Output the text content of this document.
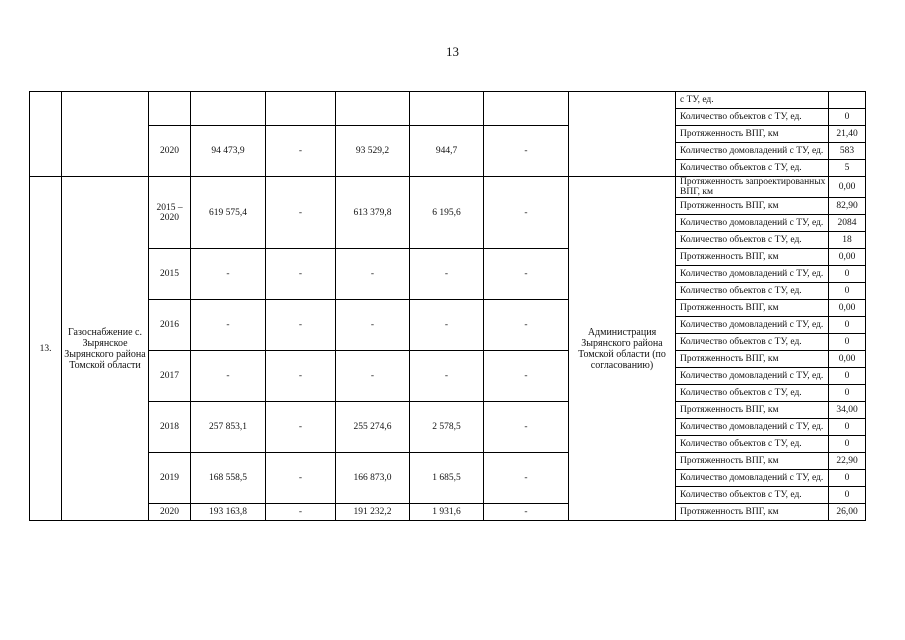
13
									с ТУ, ед.	
									Количество объектов с ТУ, ед.	0
		2020	94 473,9	-	93 529,2	944,7	-		Протяженность ВПГ, км	21,40
									Количество домовладений с ТУ, ед.	583
									Количество объектов с ТУ, ед.	5
13.	Газоснабжение с. Зырянское Зырянского района Томской области	2015 – 2020	619 575,4	-	613 379,8	6 195,6	-	Администрация Зырянского района Томской области (по согласованию)	Протяженность запроектированных ВПГ, км	0,00
									Протяженность ВПГ, км	82,90
									Количество домовладений с ТУ, ед.	2084
									Количество объектов с ТУ, ед.	18
		2015	-	-	-	-	-		Протяженность ВПГ, км	0,00
									Количество домовладений с ТУ, ед.	0
									Количество объектов с ТУ, ед.	0
		2016	-	-	-	-	-		Протяженность ВПГ, км	0,00
									Количество домовладений с ТУ, ед.	0
									Количество объектов с ТУ, ед.	0
		2017	-	-	-	-	-		Протяженность ВПГ, км	0,00
									Количество домовладений с ТУ, ед.	0
									Количество объектов с ТУ, ед.	0
		2018	257 853,1	-	255 274,6	2 578,5	-		Протяженность ВПГ, км	34,00
									Количество домовладений с ТУ, ед.	0
									Количество объектов с ТУ, ед.	0
		2019	168 558,5	-	166 873,0	1 685,5	-		Протяженность ВПГ, км	22,90
									Количество домовладений с ТУ, ед.	0
									Количество объектов с ТУ, ед.	0
		2020	193 163,8	-	191 232,2	1 931,6	-		Протяженность ВПГ, км	26,00
